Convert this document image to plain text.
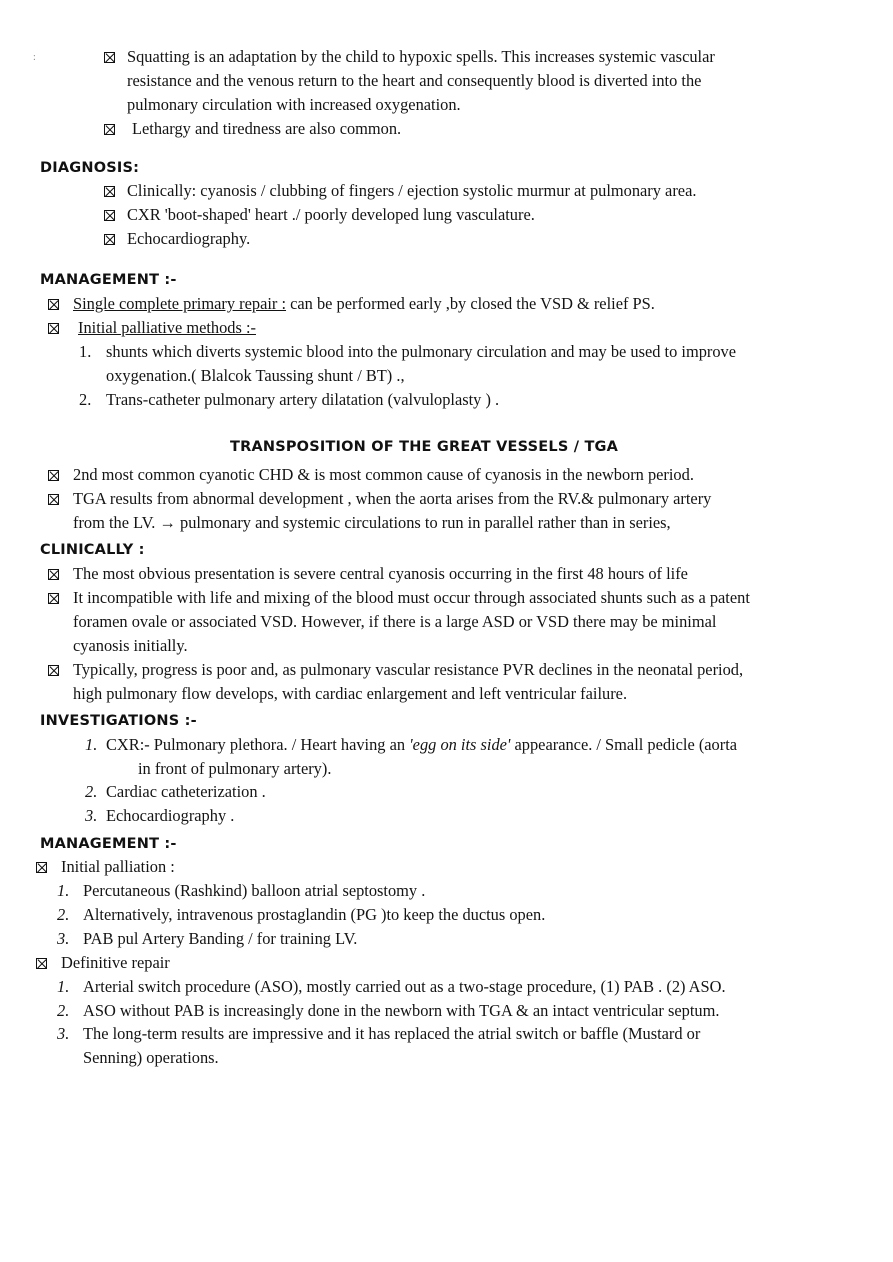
:	Squatting is an adaptation by the child to hypoxic spells. This increases systemic vascular
resistance and the venous return to the heart and consequently blood is diverted into the
pulmonary circulation with increased oxygenation.
Lethargy and tiredness are also common.
DIAGNOSIS:
Clinically: cyanosis / clubbing of fingers / ejection systolic murmur at pulmonary area.
CXR 'boot-shaped' heart ./ poorly developed lung vasculature.
Echocardiography.
MANAGEMENT :-
Single complete primary repair : can be performed early ,by closed the VSD & relief PS.
Initial palliative methods :-
1. shunts which diverts systemic blood into the pulmonary circulation and may be used to improve
oxygenation.( Blalcok Taussing shunt / BT) .,
2. Trans-catheter pulmonary artery dilatation (valvuloplasty ) .
TRANSPOSITION OF THE GREAT VESSELS / TGA
2nd most common cyanotic CHD & is most common cause of cyanosis in the newborn period.
TGA results from abnormal development , when the aorta arises from the RV.& pulmonary artery
from the LV. → pulmonary and systemic circulations to run in parallel rather than in series,
CLINICALLY :
The most obvious presentation is severe central cyanosis occurring in the first 48 hours of life
It incompatible with life and mixing of the blood must occur through associated shunts such as a patent
foramen ovale or associated VSD. However, if there is a large ASD or VSD there may be minimal
cyanosis initially.
Typically, progress is poor and, as pulmonary vascular resistance PVR declines in the neonatal period,
high pulmonary flow develops, with cardiac enlargement and left ventricular failure.
INVESTIGATIONS :-
1. CXR:- Pulmonary plethora. / Heart having an 'egg on its side' appearance. / Small pedicle (aorta
in front of pulmonary artery).
2. Cardiac catheterization .
3. Echocardiography .
MANAGEMENT :-
Initial palliation :
1. Percutaneous (Rashkind) balloon atrial septostomy .
2. Alternatively, intravenous prostaglandin (PG )to keep the ductus open.
3. PAB pul Artery Banding / for training LV.
Definitive repair
1. Arterial switch procedure (ASO), mostly carried out as a two-stage procedure, (1) PAB . (2) ASO.
2. ASO without PAB is increasingly done in the newborn with TGA & an intact ventricular septum.
3. The long-term results are impressive and it has replaced the atrial switch or baffle (Mustard or
Senning) operations.
